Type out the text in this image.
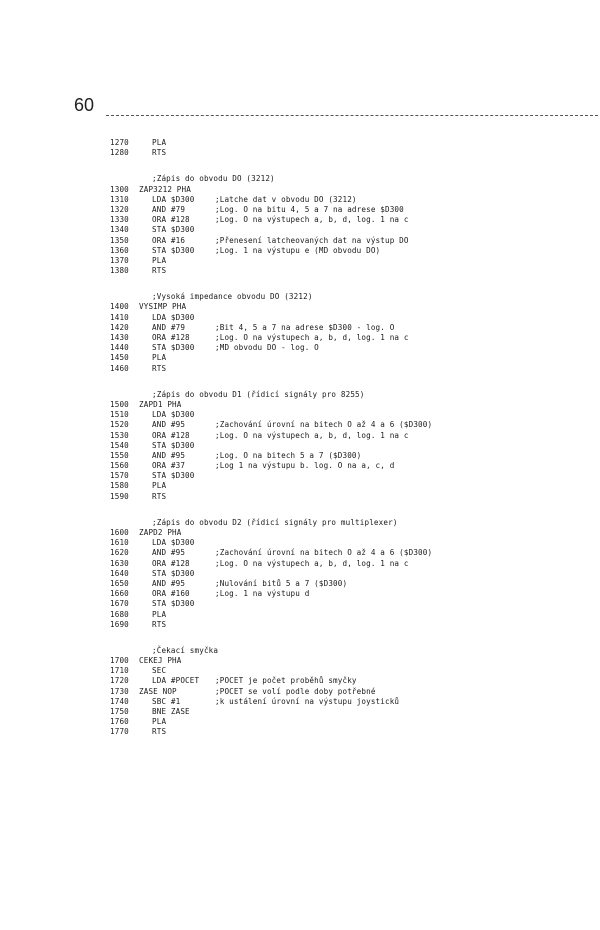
60
1270	PLA
1280	RTS
;Zápis do obvodu DO (3212)
1300	ZAP3212 PHA
1310	LDA $D300	;Latche dat v obvodu DO (3212)
1320	AND #79	;Log. O na bitu 4, 5 a 7 na adrese $D300
1330	ORA #128	;Log. O na výstupech a, b, d, log. 1 na c
1340	STA $D300
1350	ORA #16	;Přenesení latcheovaných dat na výstup DO
1360	STA $D300	;Log. 1 na výstupu e (MD obvodu DO)
1370	PLA
1380	RTS
;Vysoká impedance obvodu DO (3212)
1400	VYSIMP PHA
1410	LDA $D300
1420	AND #79	;Bit 4, 5 a 7 na adrese $D300 - log. O
1430	ORA #128	;Log. O na výstupech a, b, d, log. 1 na c
1440	STA $D300	;MD obvodu DO - log. O
1450	PLA
1460	RTS
;Zápis do obvodu D1 (řídicí signály pro 8255)
1500	ZAPD1 PHA
1510	LDA $D300
1520	AND #95	;Zachování úrovní na bitech O až 4 a 6 ($D300)
1530	ORA #128	;Log. O na výstupech a, b, d, log. 1 na c
1540	STA $D300
1550	AND #95	;Log. O na bitech 5 a 7 ($D300)
1560	ORA #37	;Log 1 na výstupu b. log. O na a, c, d
1570	STA $D300
1580	PLA
1590	RTS
;Zápis do obvodu D2 (řídicí signály pro multiplexer)
1600	ZAPD2 PHA
1610	LDA $D300
1620	AND #95	;Zachování úrovní na bitech O až 4 a 6 ($D300)
1630	ORA #128	;Log. O na výstupech a, b, d, log. 1 na c
1640	STA $D300
1650	AND #95	;Nulování bitů 5 a 7 ($D300)
1660	ORA #160	;Log. 1 na výstupu d
1670	STA $D300
1680	PLA
1690	RTS
;Čekací smyčka
1700	CEKEJ PHA
1710	SEC
1720	LDA #POCET	;POCET je počet proběhů smyčky
1730	ZASE NOP	;POCET se volí podle doby potřebné
1740	SBC #1	;k ustálení úrovní na výstupu joysticků
1750	BNE ZASE
1760	PLA
1770	RTS
